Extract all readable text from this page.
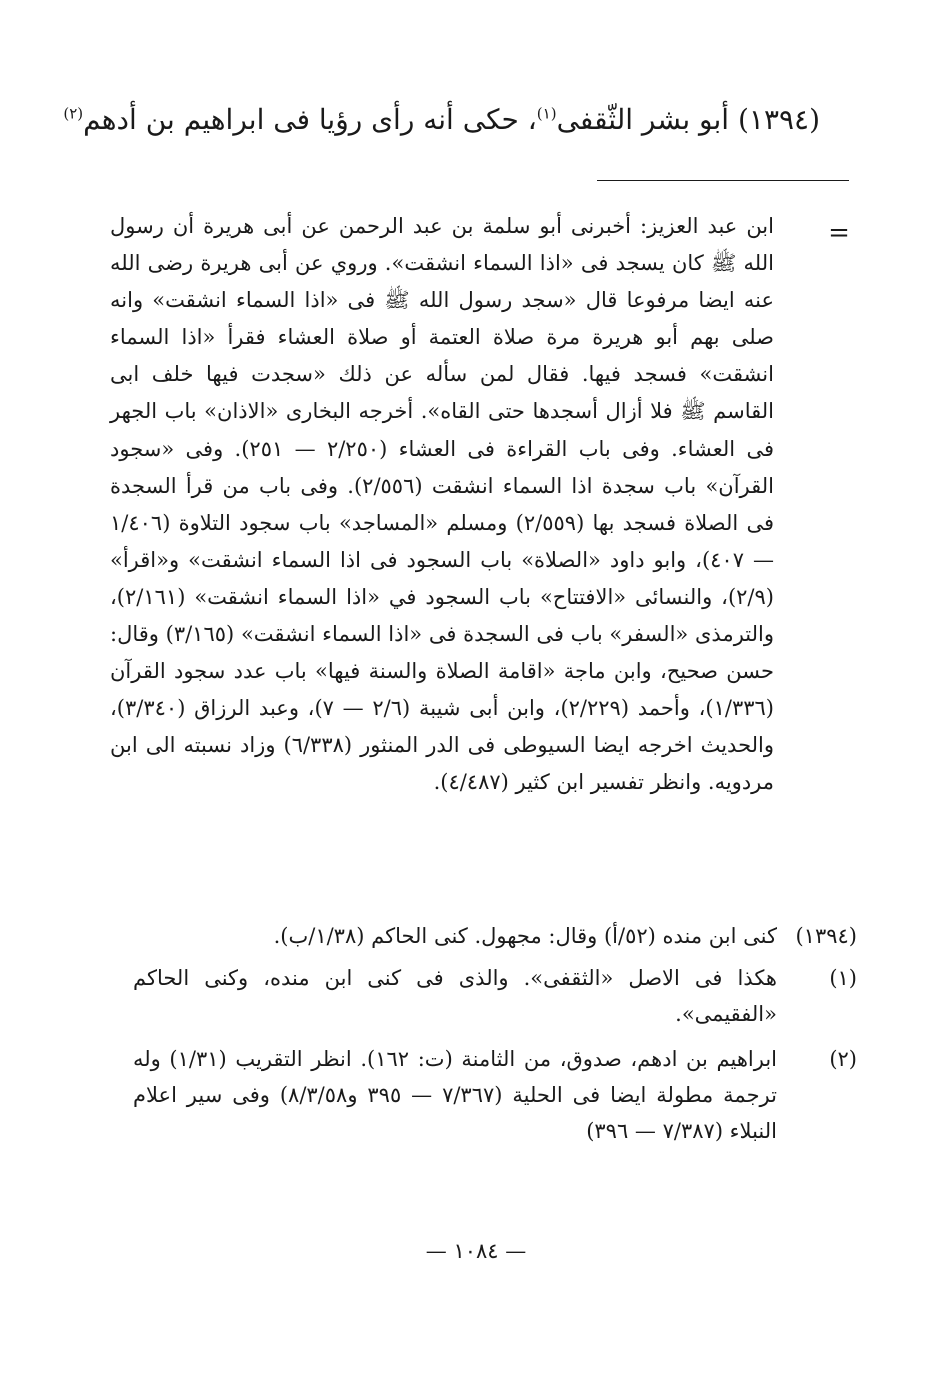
(١٣٩٤) أبو بشر الثّقفى$^{(١)}$، حكى أنه رأى رؤيا فى ابراهيم بن أدهم$^{(٢)}$
=
ابن عبد العزيز: أخبرنى أبو سلمة بن عبد الرحمن عن أبى هريرة أن رسول الله ﷺ كان يسجد فى «اذا السماء انشقت». وروي عن أبى هريرة رضى الله عنه ايضا مرفوعا قال «سجد رسول الله ﷺ فى «اذا السماء انشقت» وانه صلى بهم أبو هريرة مرة صلاة العتمة أو صلاة العشاء فقرأ «اذا السماء انشقت» فسجد فيها. فقال لمن سأله عن ذلك «سجدت فيها خلف ابى القاسم ﷺ فلا أزال أسجدها حتى القاه». أخرجه البخارى «الاذان» باب الجهر فى العشاء. وفى باب القراءة فى العشاء (٢/٢٥٠ — ٢٥١). وفى «سجود القرآن» باب سجدة اذا السماء انشقت (٢/٥٥٦). وفى باب من قرأ السجدة فى الصلاة فسجد بها (٢/٥٥٩) ومسلم «المساجد» باب سجود التلاوة (١/٤٠٦ — ٤٠٧)، وابو داود «الصلاة» باب السجود فى اذا السماء انشقت» و«اقرأ» (٢/٩)، والنسائى «الافتتاح» باب السجود في «اذا السماء انشقت» (٢/١٦١)، والترمذى «السفر» باب فى السجدة فى «اذا السماء انشقت» (٣/١٦٥) وقال: حسن صحيح، وابن ماجة «اقامة الصلاة والسنة فيها» باب عدد سجود القرآن (١/٣٣٦)، وأحمد (٢/٢٢٩)، وابن أبى شيبة (٢/٦ — ٧)، وعبد الرزاق (٣/٣٤٠)، والحديث اخرجه ايضا السيوطى فى الدر المنثور (٦/٣٣٨) وزاد نسبته الى ابن مردويه. وانظر تفسير ابن كثير (٤/٤٨٧).
(١٣٩٤)
كنى ابن منده (٥٢/أ) وقال: مجهول. كنى الحاكم (١/٣٨/ب).
(١)
هكذا فى الاصل «الثقفى». والذى فى كنى ابن منده، وكنى الحاكم «الفقيمى».
(٢)
ابراهيم بن ادهم، صدوق، من الثامنة (ت: ١٦٢). انظر التقريب (١/٣١) وله ترجمة مطولة ايضا فى الحلية (٧/٣٦٧ — ٣٩٥ و٨/٣/٥٨) وفى سير اعلام النبلاء (٧/٣٨٧ — ٣٩٦)
— ١٠٨٤ —
